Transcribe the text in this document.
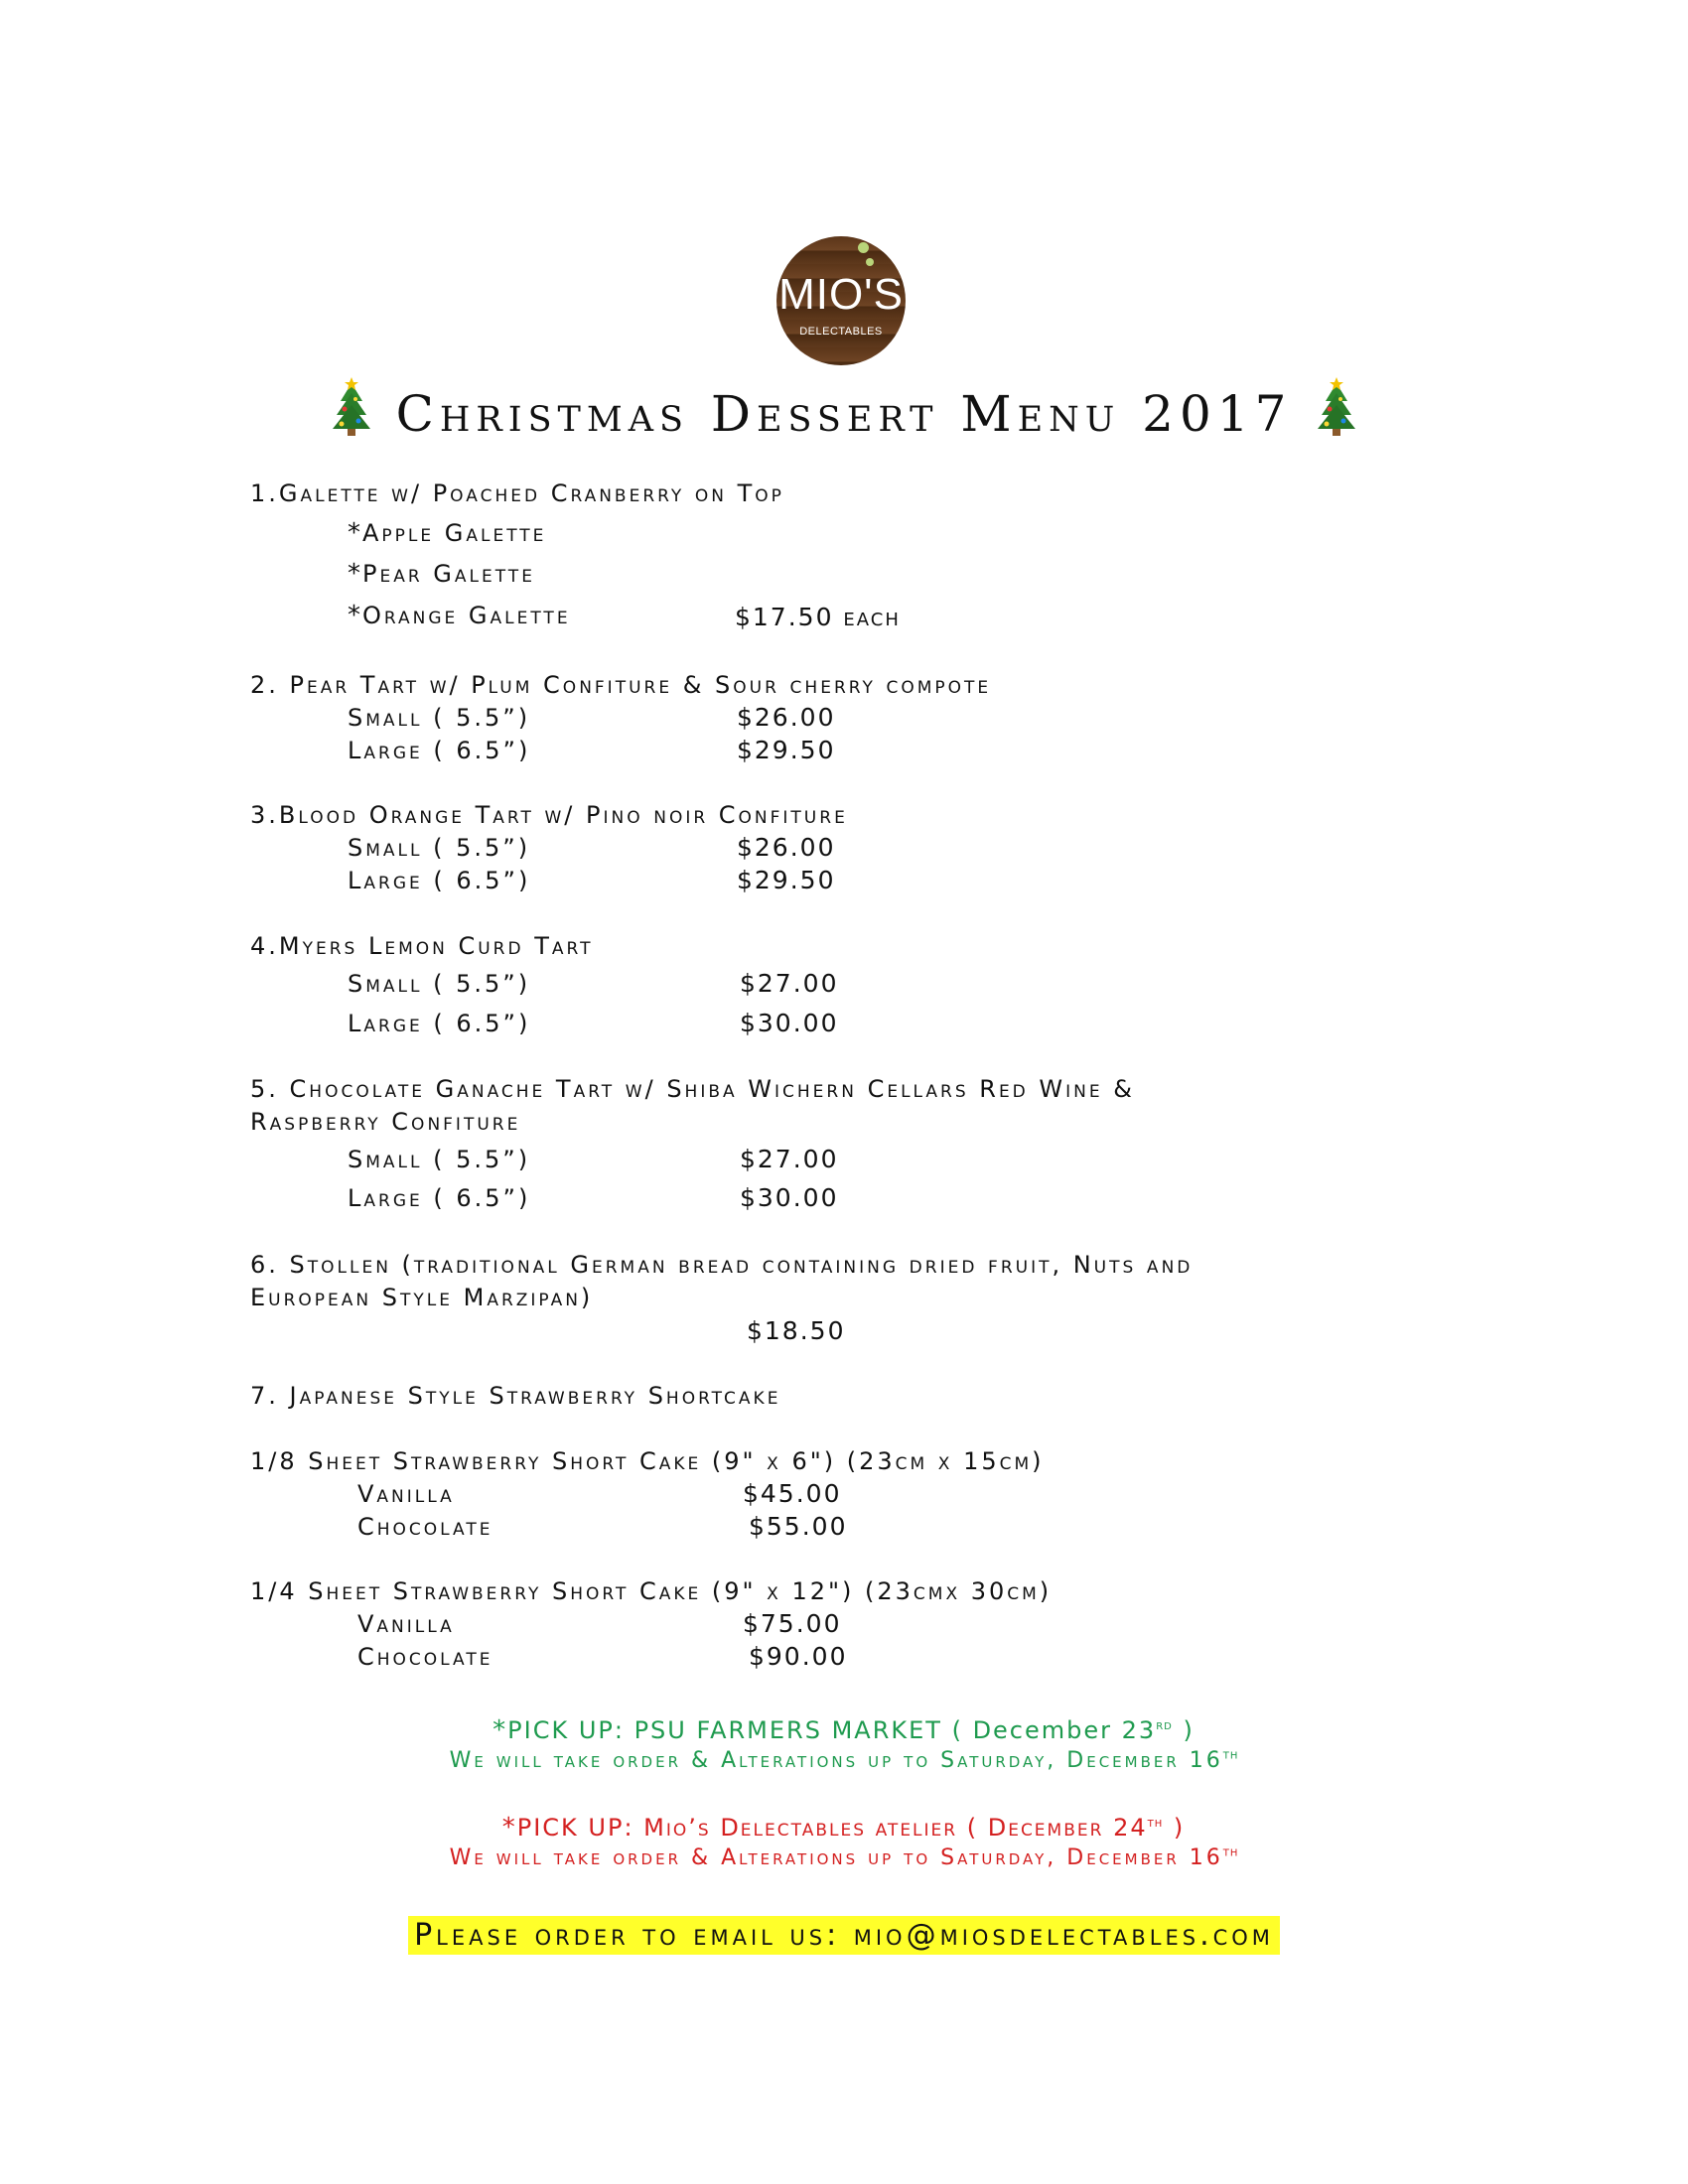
MIO'S
DELECTABLES
Christmas Dessert Menu 2017
1.Galette w/ Poached Cranberry on Top
*Apple Galette
*Pear Galette
*Orange Galette	$17.50 each
2. Pear Tart w/ Plum Confiture & Sour cherry compote
Small ( 5.5”)	$26.00
Large ( 6.5”)	$29.50
3.Blood Orange Tart w/ Pino noir Confiture
Small ( 5.5”)	$26.00
Large ( 6.5”)	$29.50
4.Myers Lemon Curd Tart
Small ( 5.5”)	$27.00
Large ( 6.5”)	$30.00
5. Chocolate Ganache Tart w/ Shiba Wichern Cellars Red Wine &
Raspberry Confiture
Small ( 5.5”)	$27.00
Large ( 6.5”)	$30.00
6. Stollen (traditional German bread containing dried fruit, Nuts and
European Style Marzipan)
$18.50
7. Japanese Style Strawberry Shortcake
1/8 Sheet Strawberry Short Cake (9" x 6") (23cm x 15cm)
Vanilla	$45.00
Chocolate	$55.00
1/4 Sheet Strawberry Short Cake (9" x 12") (23cmx 30cm)
Vanilla	$75.00
Chocolate	$90.00
*PICK UP: PSU FARMERS MARKET ( December 23RD )
We will take order & Alterations up to Saturday, December 16TH
*PICK UP: Mio’s Delectables atelier ( December 24TH )
We will take order & Alterations up to Saturday, December 16TH
Please order to email us: mio@miosdelectables.com
